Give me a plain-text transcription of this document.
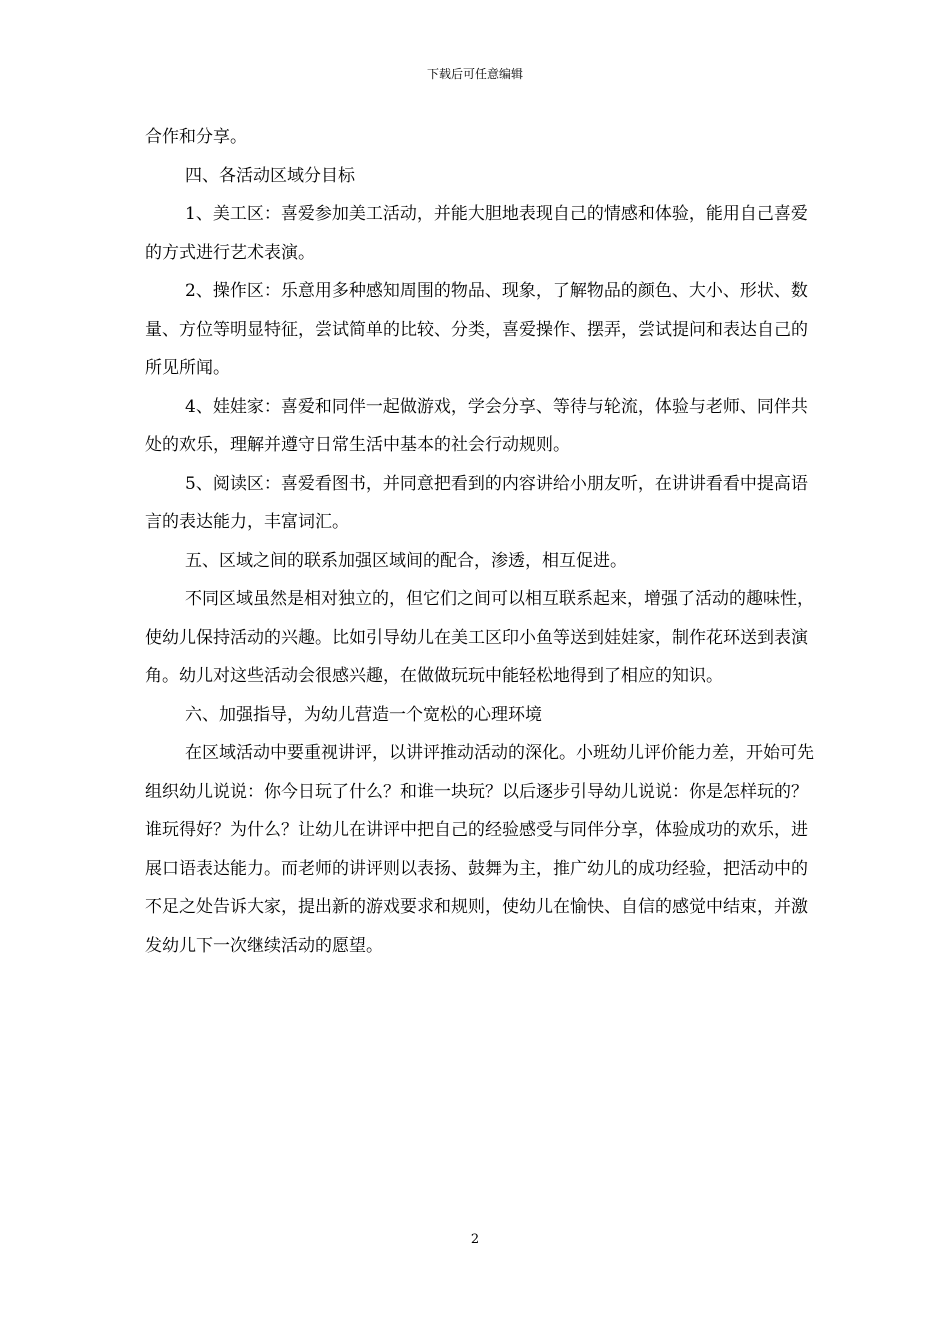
下载后可任意编辑

合作和分享。

四、各活动区域分目标

1、美工区：喜爱参加美工活动，并能大胆地表现自己的情感和体验，能用自己喜爱的方式进行艺术表演。

2、操作区：乐意用多种感知周围的物品、现象，了解物品的颜色、大小、形状、数量、方位等明显特征，尝试简单的比较、分类，喜爱操作、摆弄，尝试提问和表达自己的所见所闻。

4、娃娃家：喜爱和同伴一起做游戏，学会分享、等待与轮流，体验与老师、同伴共处的欢乐，理解并遵守日常生活中基本的社会行动规则。

5、阅读区：喜爱看图书，并同意把看到的内容讲给小朋友听，在讲讲看看中提高语言的表达能力，丰富词汇。

五、区域之间的联系加强区域间的配合，渗透，相互促进。

不同区域虽然是相对独立的，但它们之间可以相互联系起来，增强了活动的趣味性，使幼儿保持活动的兴趣。比如引导幼儿在美工区印小鱼等送到娃娃家，制作花环送到表演角。幼儿对这些活动会很感兴趣，在做做玩玩中能轻松地得到了相应的知识。

六、加强指导，为幼儿营造一个宽松的心理环境

在区域活动中要重视讲评，以讲评推动活动的深化。小班幼儿评价能力差，开始可先组织幼儿说说：你今日玩了什么？和谁一块玩？以后逐步引导幼儿说说：你是怎样玩的？谁玩得好？为什么？让幼儿在讲评中把自己的经验感受与同伴分享，体验成功的欢乐，进展口语表达能力。而老师的讲评则以表扬、鼓舞为主，推广幼儿的成功经验，把活动中的不足之处告诉大家，提出新的游戏要求和规则，使幼儿在愉快、自信的感觉中结束，并激发幼儿下一次继续活动的愿望。

2
